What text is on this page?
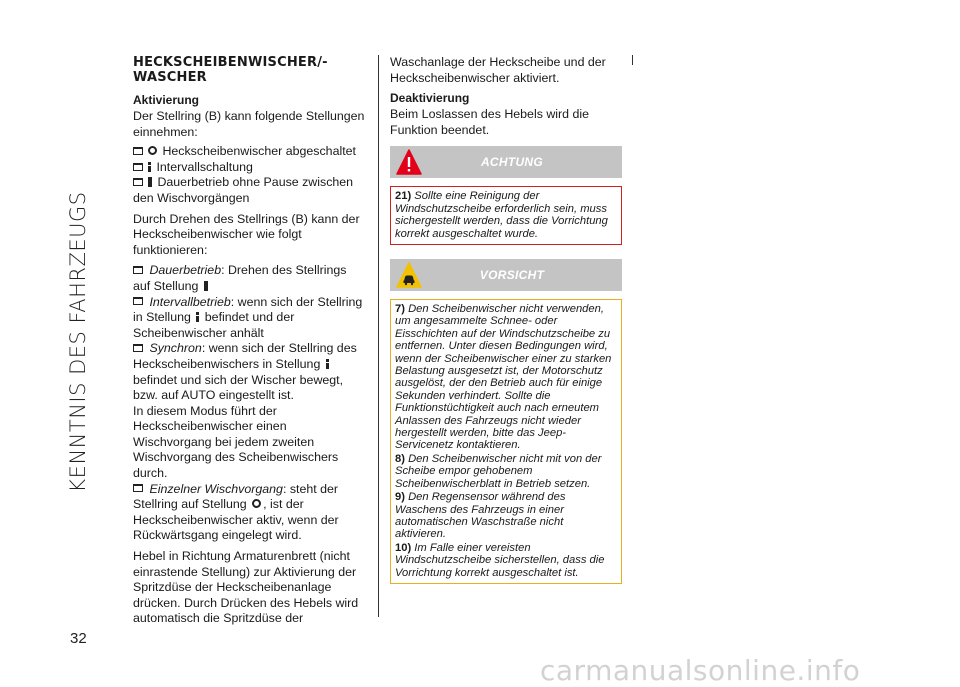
KENNTNIS DES FAHRZEUGS
32
HECKSCHEIBENWISCHER/-
WASCHER
Aktivierung

Der Stellring (B) kann folgende Stellungen einnehmen:

Heckscheibenwischer abgeschaltet
Intervallschaltung

Dauerbetrieb ohne Pause zwischen den Wischvorgängen

Durch Drehen des Stellrings (B) kann der Heckscheibenwischer wie folgt funktionieren:

Dauerbetrieb: Drehen des Stellrings auf Stellung
Intervallbetrieb: wenn sich der Stellring in Stellung befindet und der Scheibenwischer anhält
Synchron: wenn sich der Stellring des Heckscheibenwischers in Stellung  befindet und sich der Wischer bewegt, bzw. auf AUTO eingestellt ist.
In diesem Modus führt der Heckscheibenwischer einen Wischvorgang bei jedem zweiten Wischvorgang des Scheibenwischers durch.

Einzelner Wischvorgang: steht der Stellring auf Stellung , ist der Heckscheibenwischer aktiv, wenn der Rückwärtsgang eingelegt wird.

Hebel in Richtung Armaturenbrett (nicht einrastende Stellung) zur Aktivierung der Spritzdüse der Heckscheibenanlage drücken. Durch Drücken des Hebels wird automatisch die Spritzdüse der

Waschanlage der Heckscheibe und der Heckscheibenwischer aktiviert.

Deaktivierung

Beim Loslassen des Hebels wird die Funktion beendet.

ACHTUNG

21) Sollte eine Reinigung der Windschutzscheibe erforderlich sein, muss sichergestellt werden, dass die Vorrichtung korrekt ausgeschaltet wurde.

VORSICHT

7) Den Scheibenwischer nicht verwenden, um angesammelte Schnee- oder Eisschichten auf der Windschutzscheibe zu entfernen. Unter diesen Bedingungen wird, wenn der Scheibenwischer einer zu starken Belastung ausgesetzt ist, der Motorschutz ausgelöst, der den Betrieb auch für einige Sekunden verhindert. Sollte die Funktionstüchtigkeit auch nach erneutem Anlassen des Fahrzeugs nicht wieder hergestellt werden, bitte das Jeep-Servicenetz kontaktieren.

8) Den Scheibenwischer nicht mit von der Scheibe empor gehobenem Scheibenwischerblatt in Betrieb setzen.

9) Den Regensensor während des Waschens des Fahrzeugs in einer automatischen Waschstraße nicht aktivieren.

10) Im Falle einer vereisten Windschutzscheibe sicherstellen, dass die Vorrichtung korrekt ausgeschaltet ist.

carmanualsonline.info
